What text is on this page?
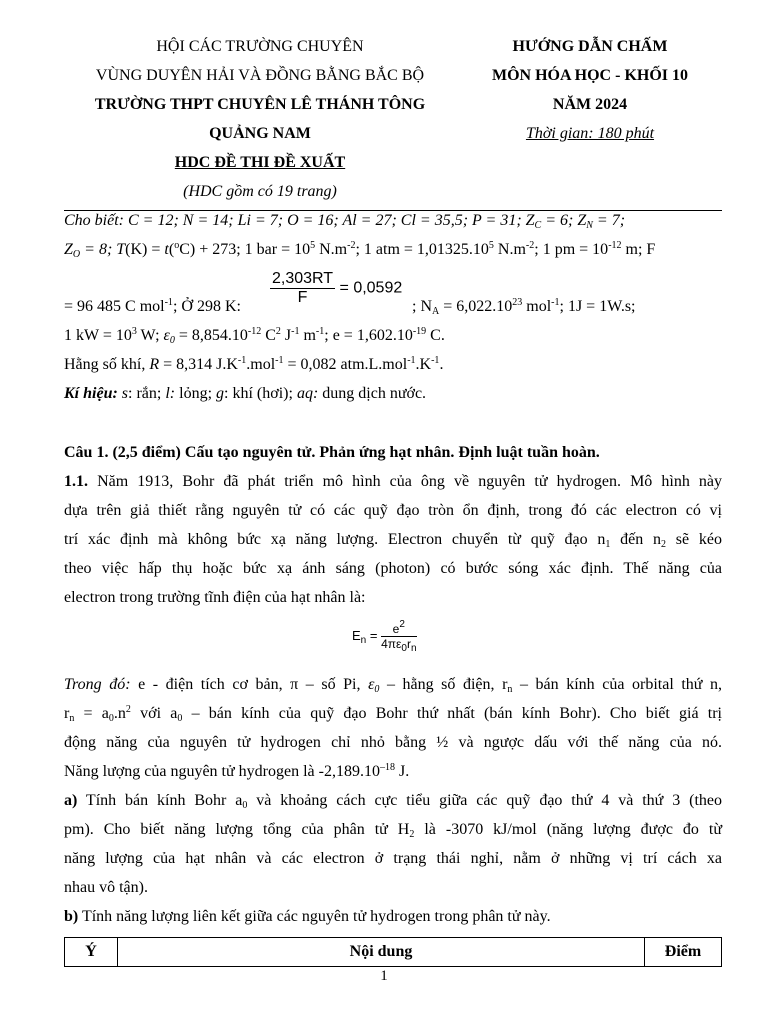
HỘI CÁC TRƯỜNG CHUYÊN
VÙNG DUYÊN HẢI VÀ ĐỒNG BẰNG BẮC BỘ
TRƯỜNG THPT CHUYÊN LÊ THÁNH TÔNG
QUẢNG NAM
HDC ĐỀ THI ĐỀ XUẤT
(HDC gồm có 19 trang)
HƯỚNG DẪN CHẤM
MÔN HÓA HỌC - KHỐI 10
NĂM 2024
Thời gian: 180 phút
Cho biết: C = 12; N = 14; Li = 7; O = 16; Al = 27; Cl = 35,5; P = 31; $Z_C = 6$; $Z_N = 7$;
$Z_O = 8$; T(K) = t($^o$C) + 273; 1 bar = $10^5$ $N.m^{-2}$; 1 atm = $1,01325.10^5$ $N.m^{-2}$; 1 pm = $10^{-12}$ m; F
$\frac{2,303RT}{F} = 0,0592$
= 96 485 C mol$^{-1}$; Ở 298 K:	; $N_A = 6,022.10^{23}$ mol$^{-1}$; 1J = 1W.s;
1 kW = $10^3$ W; $\varepsilon_0 = 8,854.10^{-12}$ $C^2$ $J^{-1}$ $m^{-1}$; $e = 1,602.10^{-19}$ C.
Hằng số khí, R = 8,314 $J.K^{-1}.mol^{-1} = 0,082$ $atm.L.mol^{-1}.K^{-1}$.
Kí hiệu: s: rắn; l: lỏng; g: khí (hơi); aq: dung dịch nước.
Câu 1. (2,5 điểm) Cấu tạo nguyên tử. Phản ứng hạt nhân. Định luật tuần hoàn.
1.1. Năm 1913, Bohr đã phát triển mô hình của ông về nguyên tử hydrogen. Mô hình này
dựa trên giả thiết rằng nguyên tử có các quỹ đạo tròn ổn định, trong đó các electron có vị
trí xác định mà không bức xạ năng lượng. Electron chuyển từ quỹ đạo $n_1$ đến $n_2$ sẽ kéo
theo việc hấp thụ hoặc bức xạ ánh sáng (photon) có bước sóng xác định. Thế năng của
electron trong trường tĩnh điện của hạt nhân là:
$E_n = \frac{e^2}{4\pi\varepsilon_0r_n}$
Trong đó: e - điện tích cơ bản, π – số Pi, $\varepsilon_0$ – hằng số điện, $r_n$ – bán kính của orbital thứ n,
$r_n = a_0.n^2$ với $a_0$ – bán kính của quỹ đạo Bohr thứ nhất (bán kính Bohr). Cho biết giá trị
động năng của nguyên tử hydrogen chỉ nhỏ bằng ½ và ngược dấu với thế năng của nó.
Năng lượng của nguyên tử hydrogen là $-2,189.10^{-18}$ J.
a) Tính bán kính Bohr $a_0$ và khoảng cách cực tiểu giữa các quỹ đạo thứ 4 và thứ 3 (theo
pm). Cho biết năng lượng tổng của phân tử $H_2$ là -3070 kJ/mol (năng lượng được đo từ
năng lượng của hạt nhân và các electron ở trạng thái nghỉ, nằm ở những vị trí cách xa
nhau vô tận).
b) Tính năng lượng liên kết giữa các nguyên tử hydrogen trong phân tử này.
Ý	Nội dung	Điểm
1
